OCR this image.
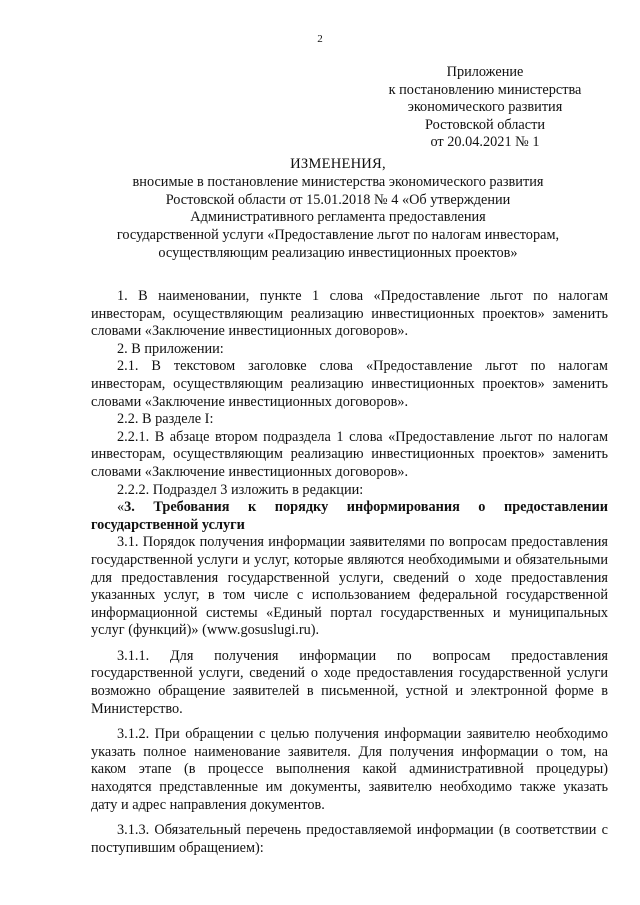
2
Приложение
к постановлению министерства
экономического развития
Ростовской области
от 20.04.2021 № 1
ИЗМЕНЕНИЯ,
вносимые в постановление министерства экономического развития
Ростовской области от 15.01.2018 № 4 «Об утверждении
Административного регламента предоставления
государственной услуги «Предоставление льгот по налогам инвесторам,
осуществляющим реализацию инвестиционных проектов»

1. В наименовании, пункте 1 слова «Предоставление льгот по налогам инвесторам, осуществляющим реализацию инвестиционных проектов» заменить словами «Заключение инвестиционных договоров».

2. В приложении:

2.1. В текстовом заголовке слова «Предоставление льгот по налогам инвесторам, осуществляющим реализацию инвестиционных проектов» заменить словами «Заключение инвестиционных договоров».

2.2. В разделе I:

2.2.1. В абзаце втором подраздела 1 слова «Предоставление льгот по налогам инвесторам, осуществляющим реализацию инвестиционных проектов» заменить словами «Заключение инвестиционных договоров».

2.2.2. Подраздел 3 изложить в редакции:

«3. Требования к порядку информирования о предоставлении государственной услуги

3.1. Порядок получения информации заявителями по вопросам предоставления государственной услуги и услуг, которые являются необходимыми и обязательными для предоставления государственной услуги, сведений о ходе предоставления указанных услуг, в том числе с использованием федеральной государственной информационной системы «Единый портал государственных и муниципальных услуг (функций)» (www.gosuslugi.ru).

3.1.1. Для получения информации по вопросам предоставления государственной услуги, сведений о ходе предоставления государственной услуги возможно обращение заявителей в письменной, устной и электронной форме в Министерство.

3.1.2. При обращении с целью получения информации заявителю необходимо указать полное наименование заявителя. Для получения информации о том, на каком этапе (в процессе выполнения какой административной процедуры) находятся представленные им документы, заявителю необходимо также указать дату и адрес направления документов.

3.1.3. Обязательный перечень предоставляемой информации (в соответствии с поступившим обращением):
